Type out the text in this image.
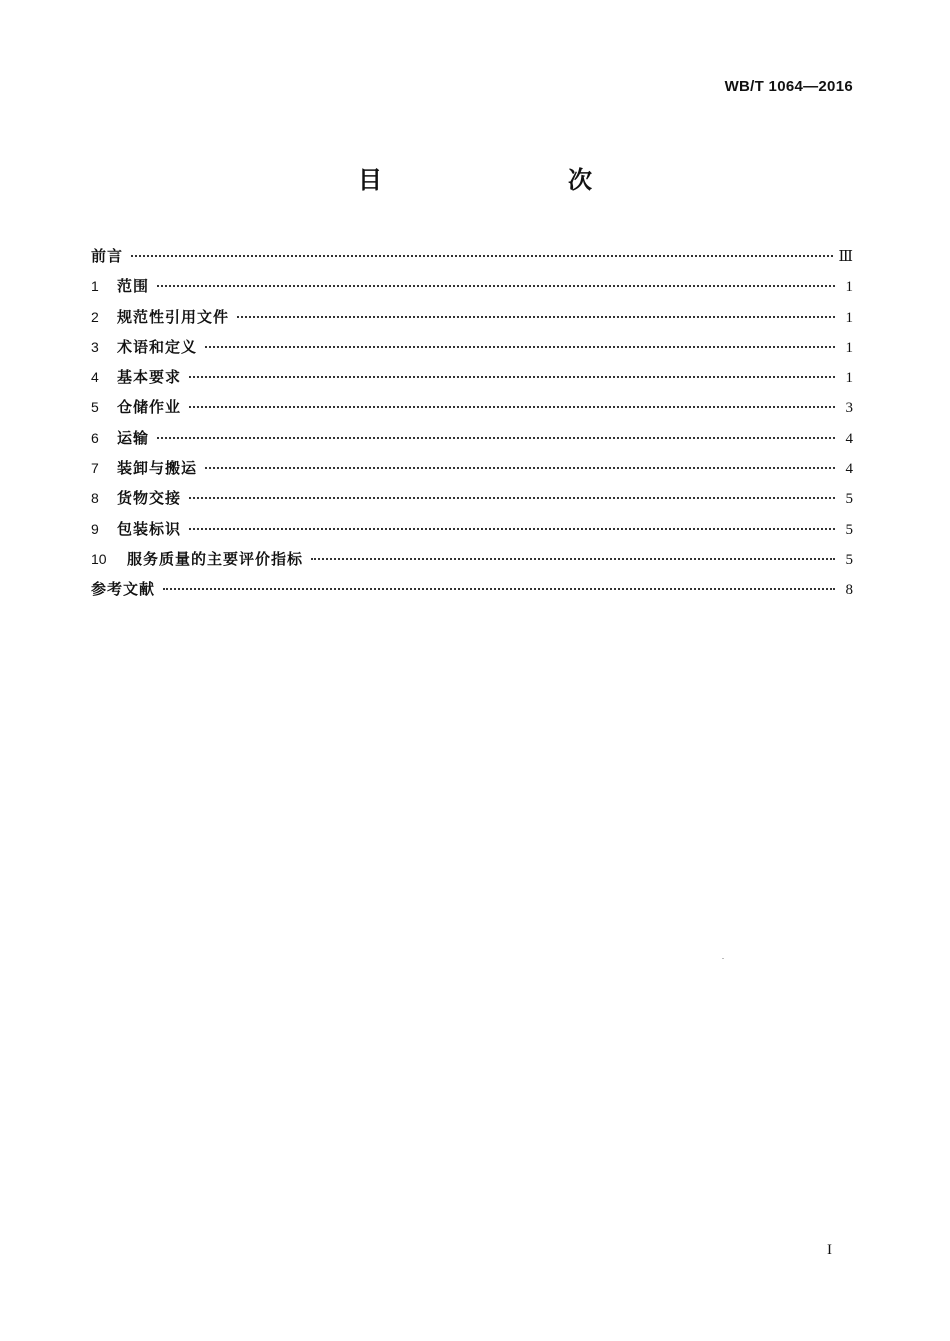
WB/T 1064—2016
目　　次
前言	Ⅲ
1	范围	1
2	规范性引用文件	1
3	术语和定义	1
4	基本要求	1
5	仓储作业	3
6	运输	4
7	装卸与搬运	4
8	货物交接	5
9	包装标识	5
10	服务质量的主要评价指标	5
参考文献	8
I
